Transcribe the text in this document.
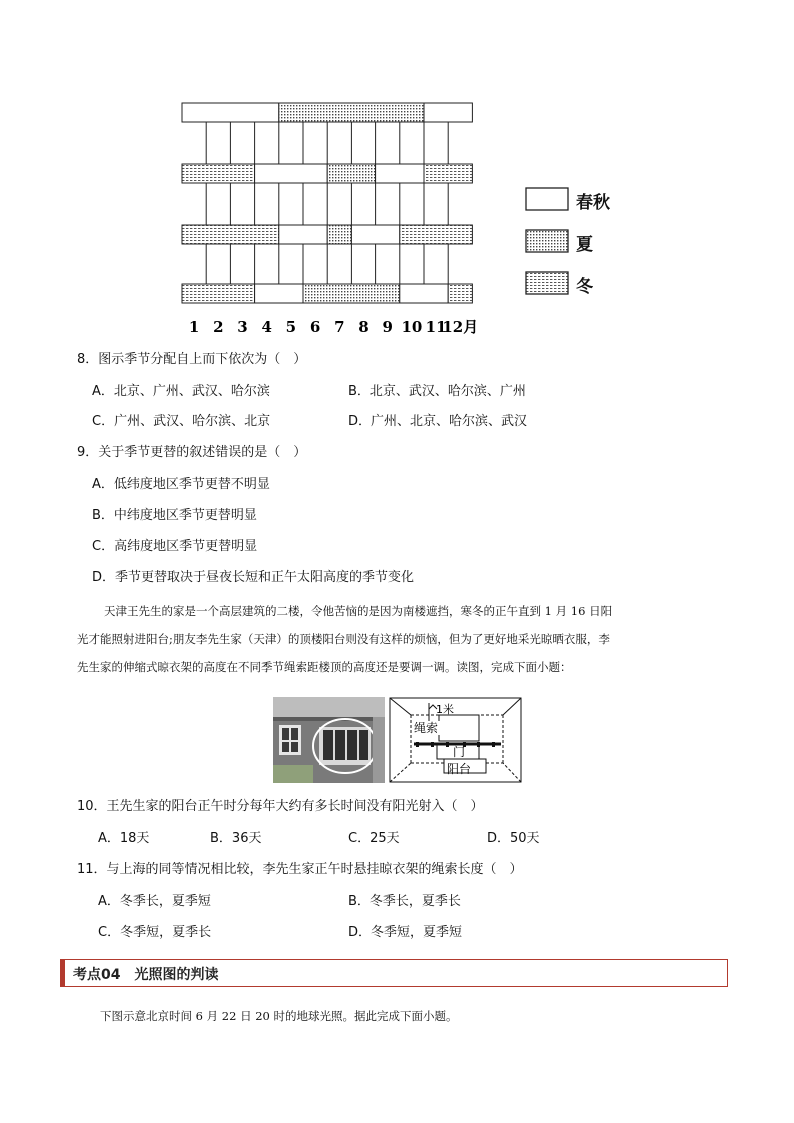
1 2 3 4 5 6 7 8 9 10 11
12月
春秋
夏
冬
8．图示季节分配自上而下依次为（　）
A．北京、广州、武汉、哈尔滨	B．北京、武汉、哈尔滨、广州
C．广州、武汉、哈尔滨、北京	D．广州、北京、哈尔滨、武汉
9．关于季节更替的叙述错误的是（　）
A．低纬度地区季节更替不明显
B．中纬度地区季节更替明显
C．高纬度地区季节更替明显
D．季节更替取决于昼夜长短和正午太阳高度的季节变化
天津王先生的家是一个高层建筑的二楼，令他苦恼的是因为南楼遮挡，寒冬的正午直到 1 月 16 日阳
光才能照射进阳台;朋友李先生家（天津）的顶楼阳台则没有这样的烦恼，但为了更好地采光晾晒衣服，李
先生家的伸缩式晾衣架的高度在不同季节绳索距楼顶的高度还是要调一调。读图，完成下面小题：
1米
绳索
门
阳台
10．王先生家的阳台正午时分每年大约有多长时间没有阳光射入（　）
A．18天	B．36天	C．25天	D．50天
11．与上海的同等情况相比较，李先生家正午时悬挂晾衣架的绳索长度（　）
A．冬季长，夏季短	B．冬季长，夏季长
C．冬季短，夏季长	D．冬季短，夏季短
考点04　光照图的判读
下图示意北京时间 6 月 22 日 20 时的地球光照。据此完成下面小题。
